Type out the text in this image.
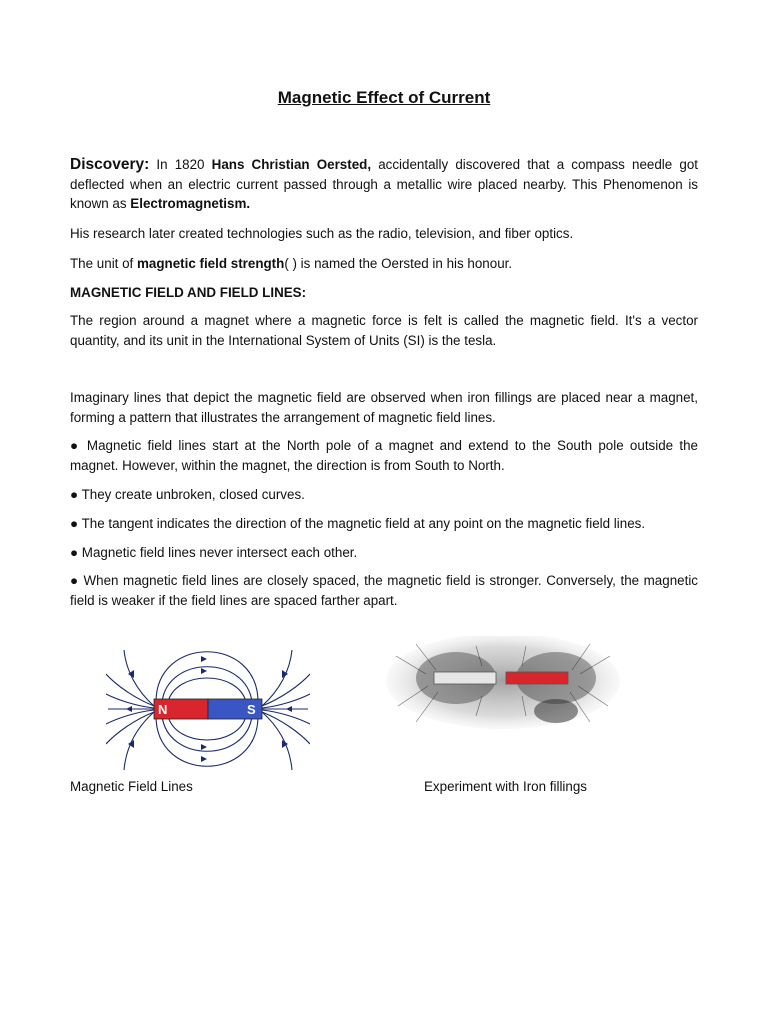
Magnetic Effect of Current
Discovery: In 1820 Hans Christian Oersted, accidentally discovered that a compass needle got deflected when an electric current passed through a metallic wire placed nearby. This Phenomenon is known as Electromagnetism.
His research later created technologies such as the radio, television, and fiber optics.
The unit of magnetic field strength( ) is named the Oersted in his honour.
MAGNETIC FIELD AND FIELD LINES:
The region around a magnet where a magnetic force is felt is called the magnetic field. It's a vector quantity, and its unit in the International System of Units (SI) is the tesla.
Imaginary lines that depict the magnetic field are observed when iron fillings are placed near a magnet, forming a pattern that illustrates the arrangement of magnetic field lines.
● Magnetic field lines start at the North pole of a magnet and extend to the South pole outside the magnet. However, within the magnet, the direction is from South to North.
● They create unbroken, closed curves.
● The tangent indicates the direction of the magnetic field at any point on the magnetic field lines.
● Magnetic field lines never intersect each other.
● When magnetic field lines are closely spaced, the magnetic field is stronger. Conversely, the magnetic field is weaker if the field lines are spaced farther apart.
N	S
Magnetic Field Lines	Experiment with Iron fillings
